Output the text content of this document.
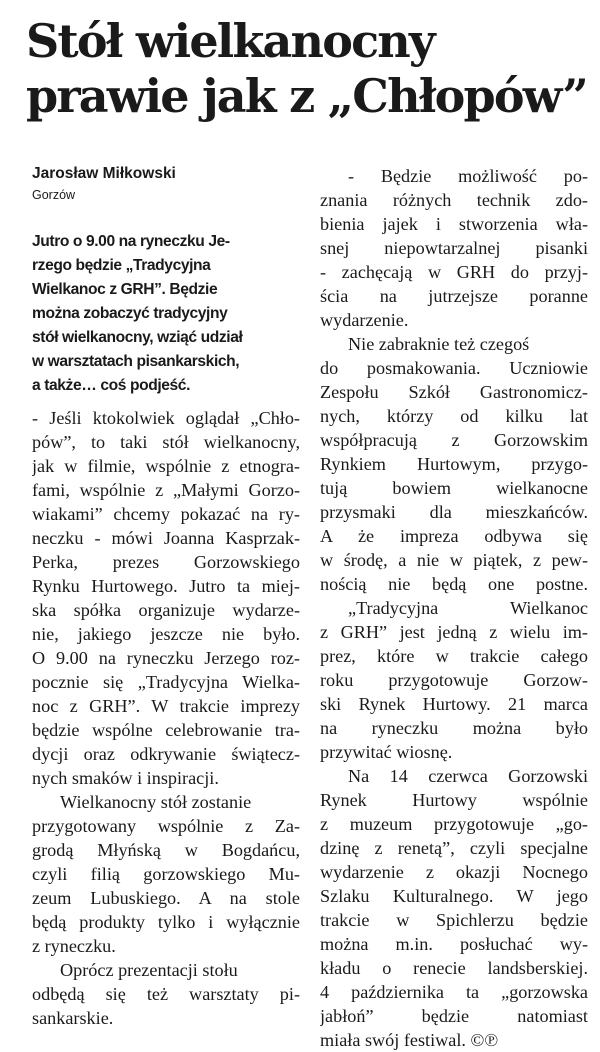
Stół wielkanocny
prawie jak z „Chłopów”
Jarosław Miłkowski
Gorzów
Jutro o 9.00 na ryneczku Je-
rzego będzie „Tradycyjna
Wielkanoc z GRH”. Będzie
można zobaczyć tradycyjny
stół wielkanocny, wziąć udział
w warsztatach pisankarskich,
a także… coś podjeść.
- Jeśli ktokolwiek oglądał „Chło-
pów”, to taki stół wielkanocny,
jak w filmie, wspólnie z etnogra-
fami, wspólnie z „Małymi Gorzo-
wiakami” chcemy pokazać na ry-
neczku - mówi Joanna Kasprzak-
Perka, prezes Gorzowskiego
Rynku Hurtowego. Jutro ta miej-
ska spółka organizuje wydarze-
nie, jakiego jeszcze nie było.
O 9.00 na ryneczku Jerzego roz-
pocznie się „Tradycyjna Wielka-
noc z GRH”. W trakcie imprezy
będzie wspólne celebrowanie tra-
dycji oraz odkrywanie świątecz-
nych smaków i inspiracji.
Wielkanocny stół zostanie
przygotowany wspólnie z Za-
grodą Młyńską w Bogdańcu,
czyli filią gorzowskiego Mu-
zeum Lubuskiego. A na stole
będą produkty tylko i wyłącznie
z ryneczku.
Oprócz prezentacji stołu
odbędą się też warsztaty pi-
sankarskie.
- Będzie możliwość po-
znania różnych technik zdo-
bienia jajek i stworzenia wła-
snej niepowtarzalnej pisanki
- zachęcają w GRH do przyj-
ścia na jutrzejsze poranne
wydarzenie.
Nie zabraknie też czegoś
do posmakowania. Uczniowie
Zespołu Szkół Gastronomicz-
nych, którzy od kilku lat
współpracują z Gorzowskim
Rynkiem Hurtowym, przygo-
tują bowiem wielkanocne
przysmaki dla mieszkańców.
A że impreza odbywa się
w środę, a nie w piątek, z pew-
nością nie będą one postne.
„Tradycyjna Wielkanoc
z GRH” jest jedną z wielu im-
prez, które w trakcie całego
roku przygotowuje Gorzow-
ski Rynek Hurtowy. 21 marca
na ryneczku można było
przywitać wiosnę.
Na 14 czerwca Gorzowski
Rynek Hurtowy wspólnie
z muzeum przygotowuje „go-
dzinę z renetą”, czyli specjalne
wydarzenie z okazji Nocnego
Szlaku Kulturalnego. W jego
trakcie w Spichlerzu będzie
można m.in. posłuchać wy-
kładu o renecie landsberskiej.
4 października ta „gorzowska
jabłoń” będzie natomiast
miała swój festiwal. ©℗
